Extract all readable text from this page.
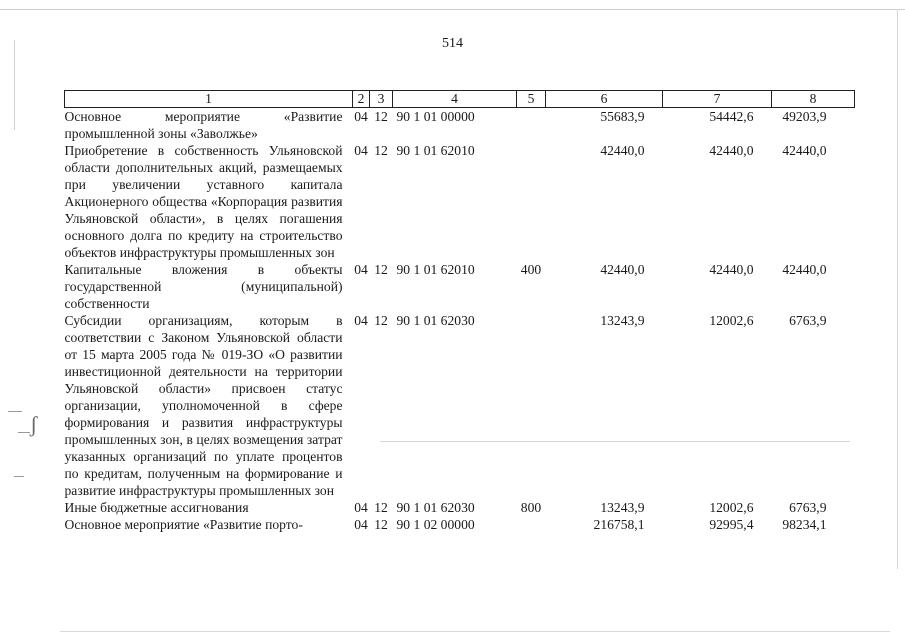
514
1	2	3	4	5	6	7	8
Основное мероприятие «Развитие промышленной зоны «Заволжье»	04	12	90 1 01 00000		55683,9	54442,6	49203,9
Приобретение в собственность Ульяновской области дополнительных акций, размещаемых при увеличении уставного капитала Акционерного общества «Корпорация развития Ульяновской области», в целях погашения основного долга по кредиту на строительство объектов инфраструктуры промышленных зон	04	12	90 1 01 62010		42440,0	42440,0	42440,0
Капитальные вложения в объекты государственной (муниципальной) собственности	04	12	90 1 01 62010	400	42440,0	42440,0	42440,0
Субсидии организациям, которым в соответствии с Законом Ульяновской области от 15 марта 2005 года № 019-ЗО «О развитии инвестиционной деятельности на территории Ульяновской области» присвоен статус организации, уполномоченной в сфере формирования и развития инфраструктуры промышленных зон, в целях возмещения затрат указанных организаций по уплате процентов по кредитам, полученным на формирование и развитие инфраструктуры промышленных зон	04	12	90 1 01 62030		13243,9	12002,6	6763,9
Иные бюджетные ассигнования	04	12	90 1 01 62030	800	13243,9	12002,6	6763,9
Основное мероприятие «Развитие порто-	04	12	90 1 02 00000		216758,1	92995,4	98234,1
ʃ
